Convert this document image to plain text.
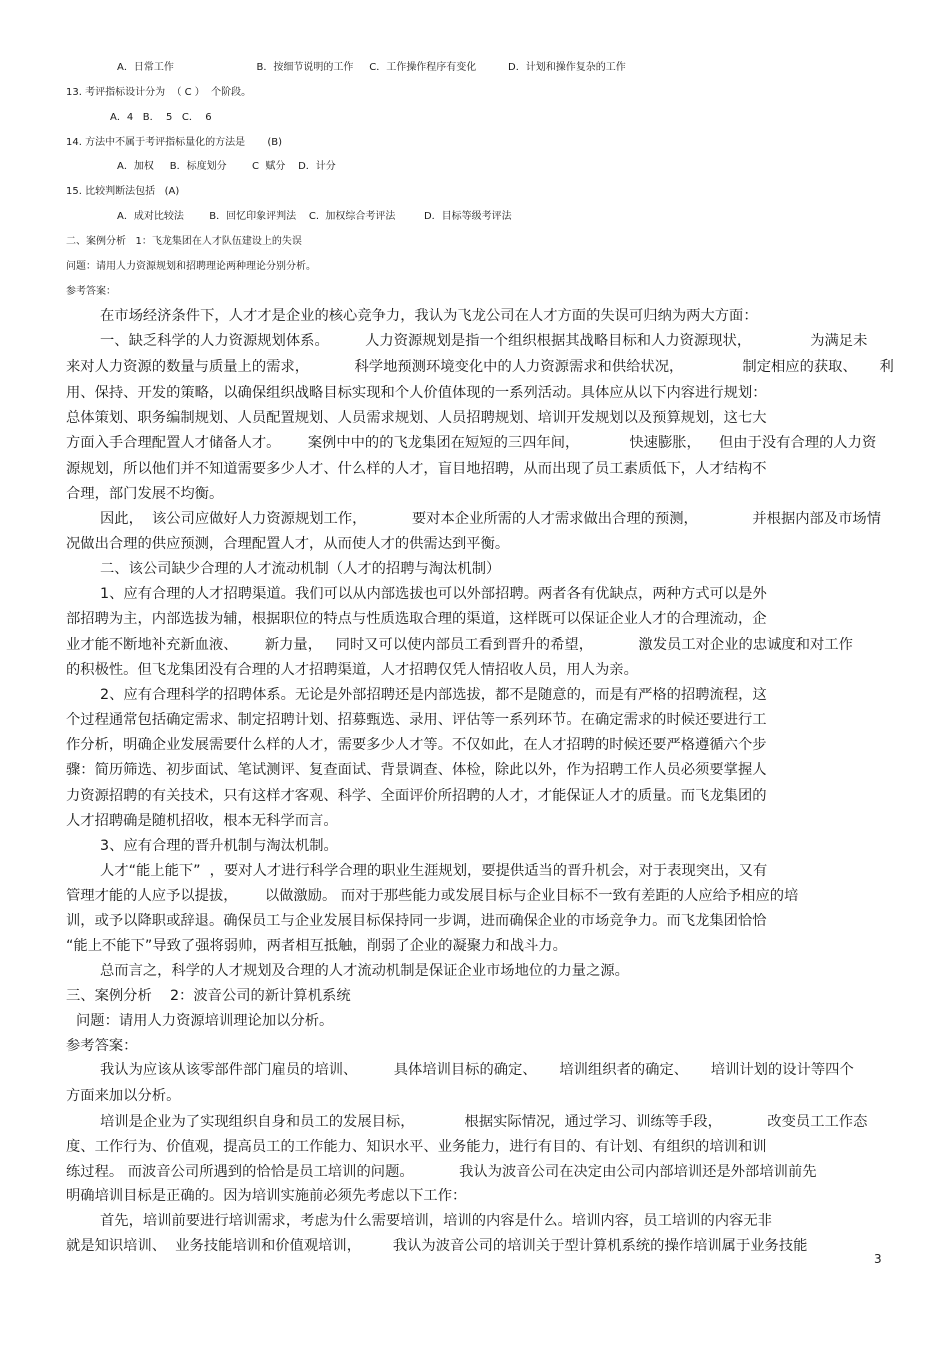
A．日常工作                          B．按细节说明的工作     C．工作操作程序有变化          D．计划和操作复杂的工作
13. 考评指标设计分为  （ C ）  个阶段。
A．4   B．  5   C．  6
14. 方法中不属于考评指标量化的方法是       (B)
A．加权     B．标度划分        C  赋分    D．计分
15. 比较判断法包括   (A)
A．成对比较法        B．回忆印象评判法    C.  加权综合考评法         D．目标等级考评法
二、案例分析   1：飞龙集团在人才队伍建设上的失误
问题：请用人力资源规划和招聘理论两种理论分别分析。
参考答案：
在市场经济条件下，人才才是企业的核心竞争力，我认为飞龙公司在人才方面的失误可归纳为两大方面：
一、缺乏科学的人力资源规划体系。        人力资源规划是指一个组织根据其战略目标和人力资源现状，             为满足未
来对人力资源的数量与质量上的需求，          科学地预测环境变化中的人力资源需求和供给状况，             制定相应的获取、     利
用、保持、开发的策略，以确保组织战略目标实现和个人价值体现的一系列活动。具体应从以下内容进行规划：
总体策划、职务编制规划、人员配置规划、人员需求规划、人员招聘规划、培训开发规划以及预算规划，这七大
方面入手合理配置人才储备人才。      案例中中的的飞龙集团在短短的三四年间，           快速膨胀，    但由于没有合理的人力资
源规划，所以他们并不知道需要多少人才、什么样的人才，盲目地招聘，从而出现了员工素质低下，人才结构不
合理，部门发展不均衡。
因此，  该公司应做好人力资源规划工作，          要对本企业所需的人才需求做出合理的预测，            并根据内部及市场情
况做出合理的供应预测，合理配置人才，从而使人才的供需达到平衡。
二、该公司缺少合理的人才流动机制（人才的招聘与淘汰机制）
1、应有合理的人才招聘渠道。我们可以从内部选拔也可以外部招聘。两者各有优缺点，两种方式可以是外
部招聘为主，内部选拔为辅，根据职位的特点与性质选取合理的渠道，这样既可以保证企业人才的合理流动，企
业才能不断地补充新血液、      新力量，   同时又可以使内部员工看到晋升的希望，          激发员工对企业的忠诚度和对工作
的积极性。但飞龙集团没有合理的人才招聘渠道，人才招聘仅凭人情招收人员，用人为亲。
2、应有合理科学的招聘体系。无论是外部招聘还是内部选拔，都不是随意的，而是有严格的招聘流程，这
个过程通常包括确定需求、制定招聘计划、招募甄选、录用、评估等一系列环节。在确定需求的时候还要进行工
作分析，明确企业发展需要什么样的人才，需要多少人才等。不仅如此，在人才招聘的时候还要严格遵循六个步
骤：简历筛选、初步面试、笔试测评、复查面试、背景调查、体检，除此以外，作为招聘工作人员必须要掌握人
力资源招聘的有关技术，只有这样才客观、科学、全面评价所招聘的人才，才能保证人才的质量。而飞龙集团的
人才招聘确是随机招收，根本无科学而言。
3、应有合理的晋升机制与淘汰机制。
人才“能上能下”  ，要对人才进行科学合理的职业生涯规划，要提供适当的晋升机会，对于表现突出，又有
管理才能的人应予以提拔，      以做激励。 而对于那些能力或发展目标与企业目标不一致有差距的人应给予相应的培
训，或予以降职或辞退。确保员工与企业发展目标保持同一步调，进而确保企业的市场竞争力。而飞龙集团恰恰
“能上不能下”导致了强将弱帅，两者相互抵触，削弱了企业的凝聚力和战斗力。
总而言之，科学的人才规划及合理的人才流动机制是保证企业市场地位的力量之源。
三、案例分析    2：波音公司的新计算机系统
问题：请用人力资源培训理论加以分析。
参考答案：
我认为应该从该零部件部门雇员的培训、        具体培训目标的确定、     培训组织者的确定、     培训计划的设计等四个
方面来加以分析。
培训是企业为了实现组织自身和员工的发展目标，           根据实际情况，通过学习、训练等手段，          改变员工工作态
度、工作行为、价值观，提高员工的工作能力、知识水平、业务能力，进行有目的、有计划、有组织的培训和训
练过程。 而波音公司所遇到的恰恰是员工培训的问题。          我认为波音公司在决定由公司内部培训还是外部培训前先
明确培训目标是正确的。因为培训实施前必须先考虑以下工作：
首先，培训前要进行培训需求，考虑为什么需要培训，培训的内容是什么。培训内容，员工培训的内容无非
就是知识培训、  业务技能培训和价值观培训，       我认为波音公司的培训关于型计算机系统的操作培训属于业务技能
3
